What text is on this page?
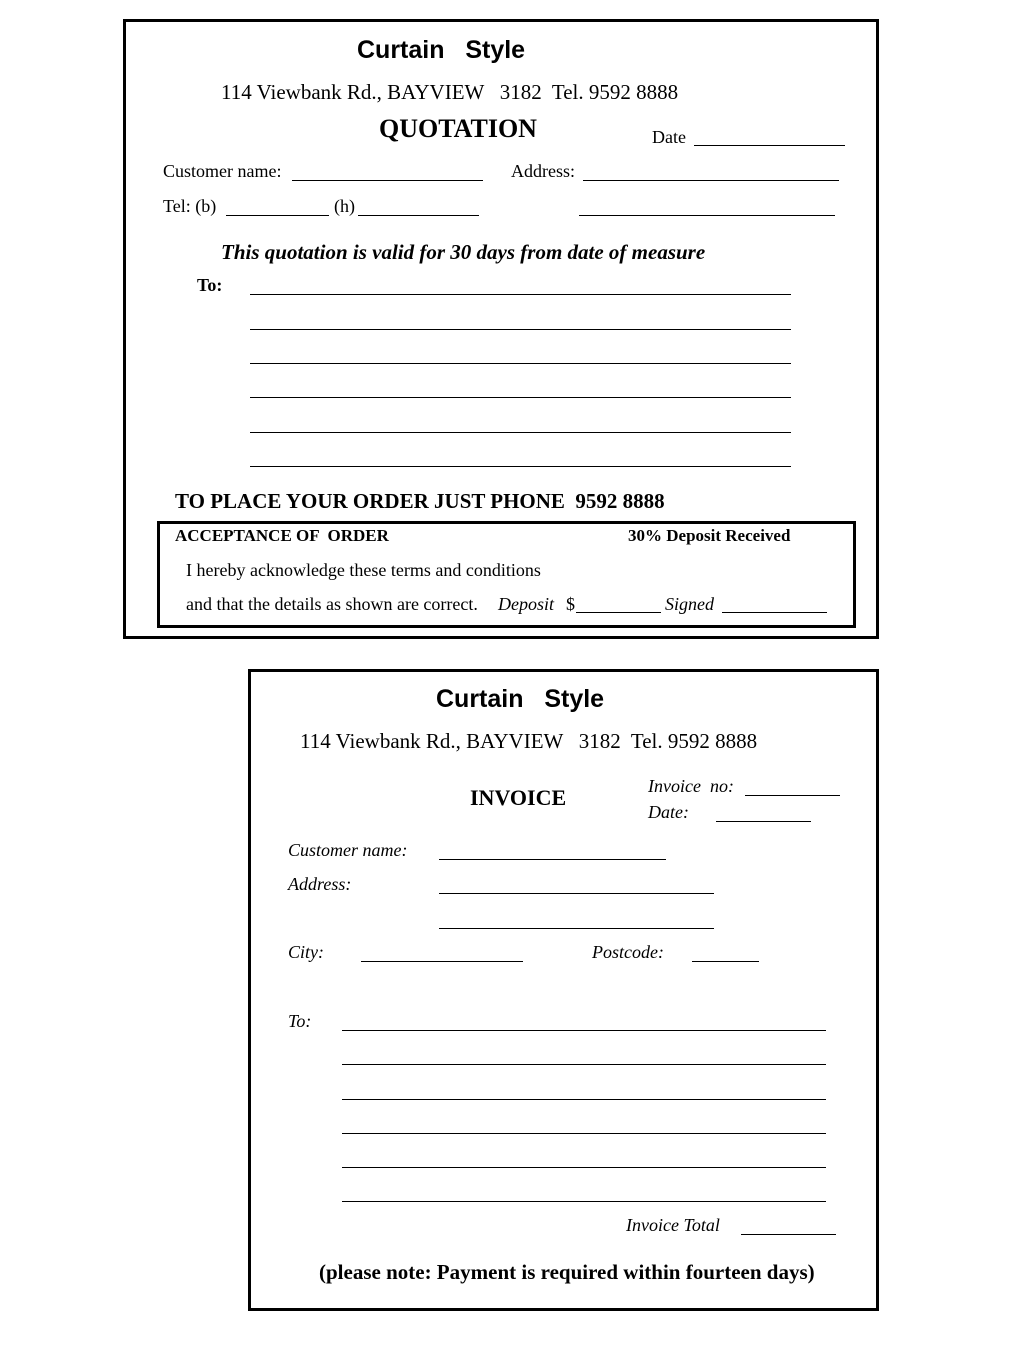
Curtain   Style
114 Viewbank Rd., BAYVIEW   3182  Tel. 9592 8888
QUOTATION	Date
Customer name:	Address:
Tel: (b)	(h)
This quotation is valid for 30 days from date of measure
To:
TO PLACE YOUR ORDER JUST PHONE  9592 8888
ACCEPTANCE OF  ORDER	30% Deposit Received
I hereby acknowledge these terms and conditions
and that the details as shown are correct. Deposit $	Signed
Curtain   Style
114 Viewbank Rd., BAYVIEW   3182  Tel. 9592 8888
INVOICE	Invoice  no:
Date:
Customer name:
Address:
City:	Postcode:
To:
Invoice Total
(please note: Payment is required within fourteen days)
